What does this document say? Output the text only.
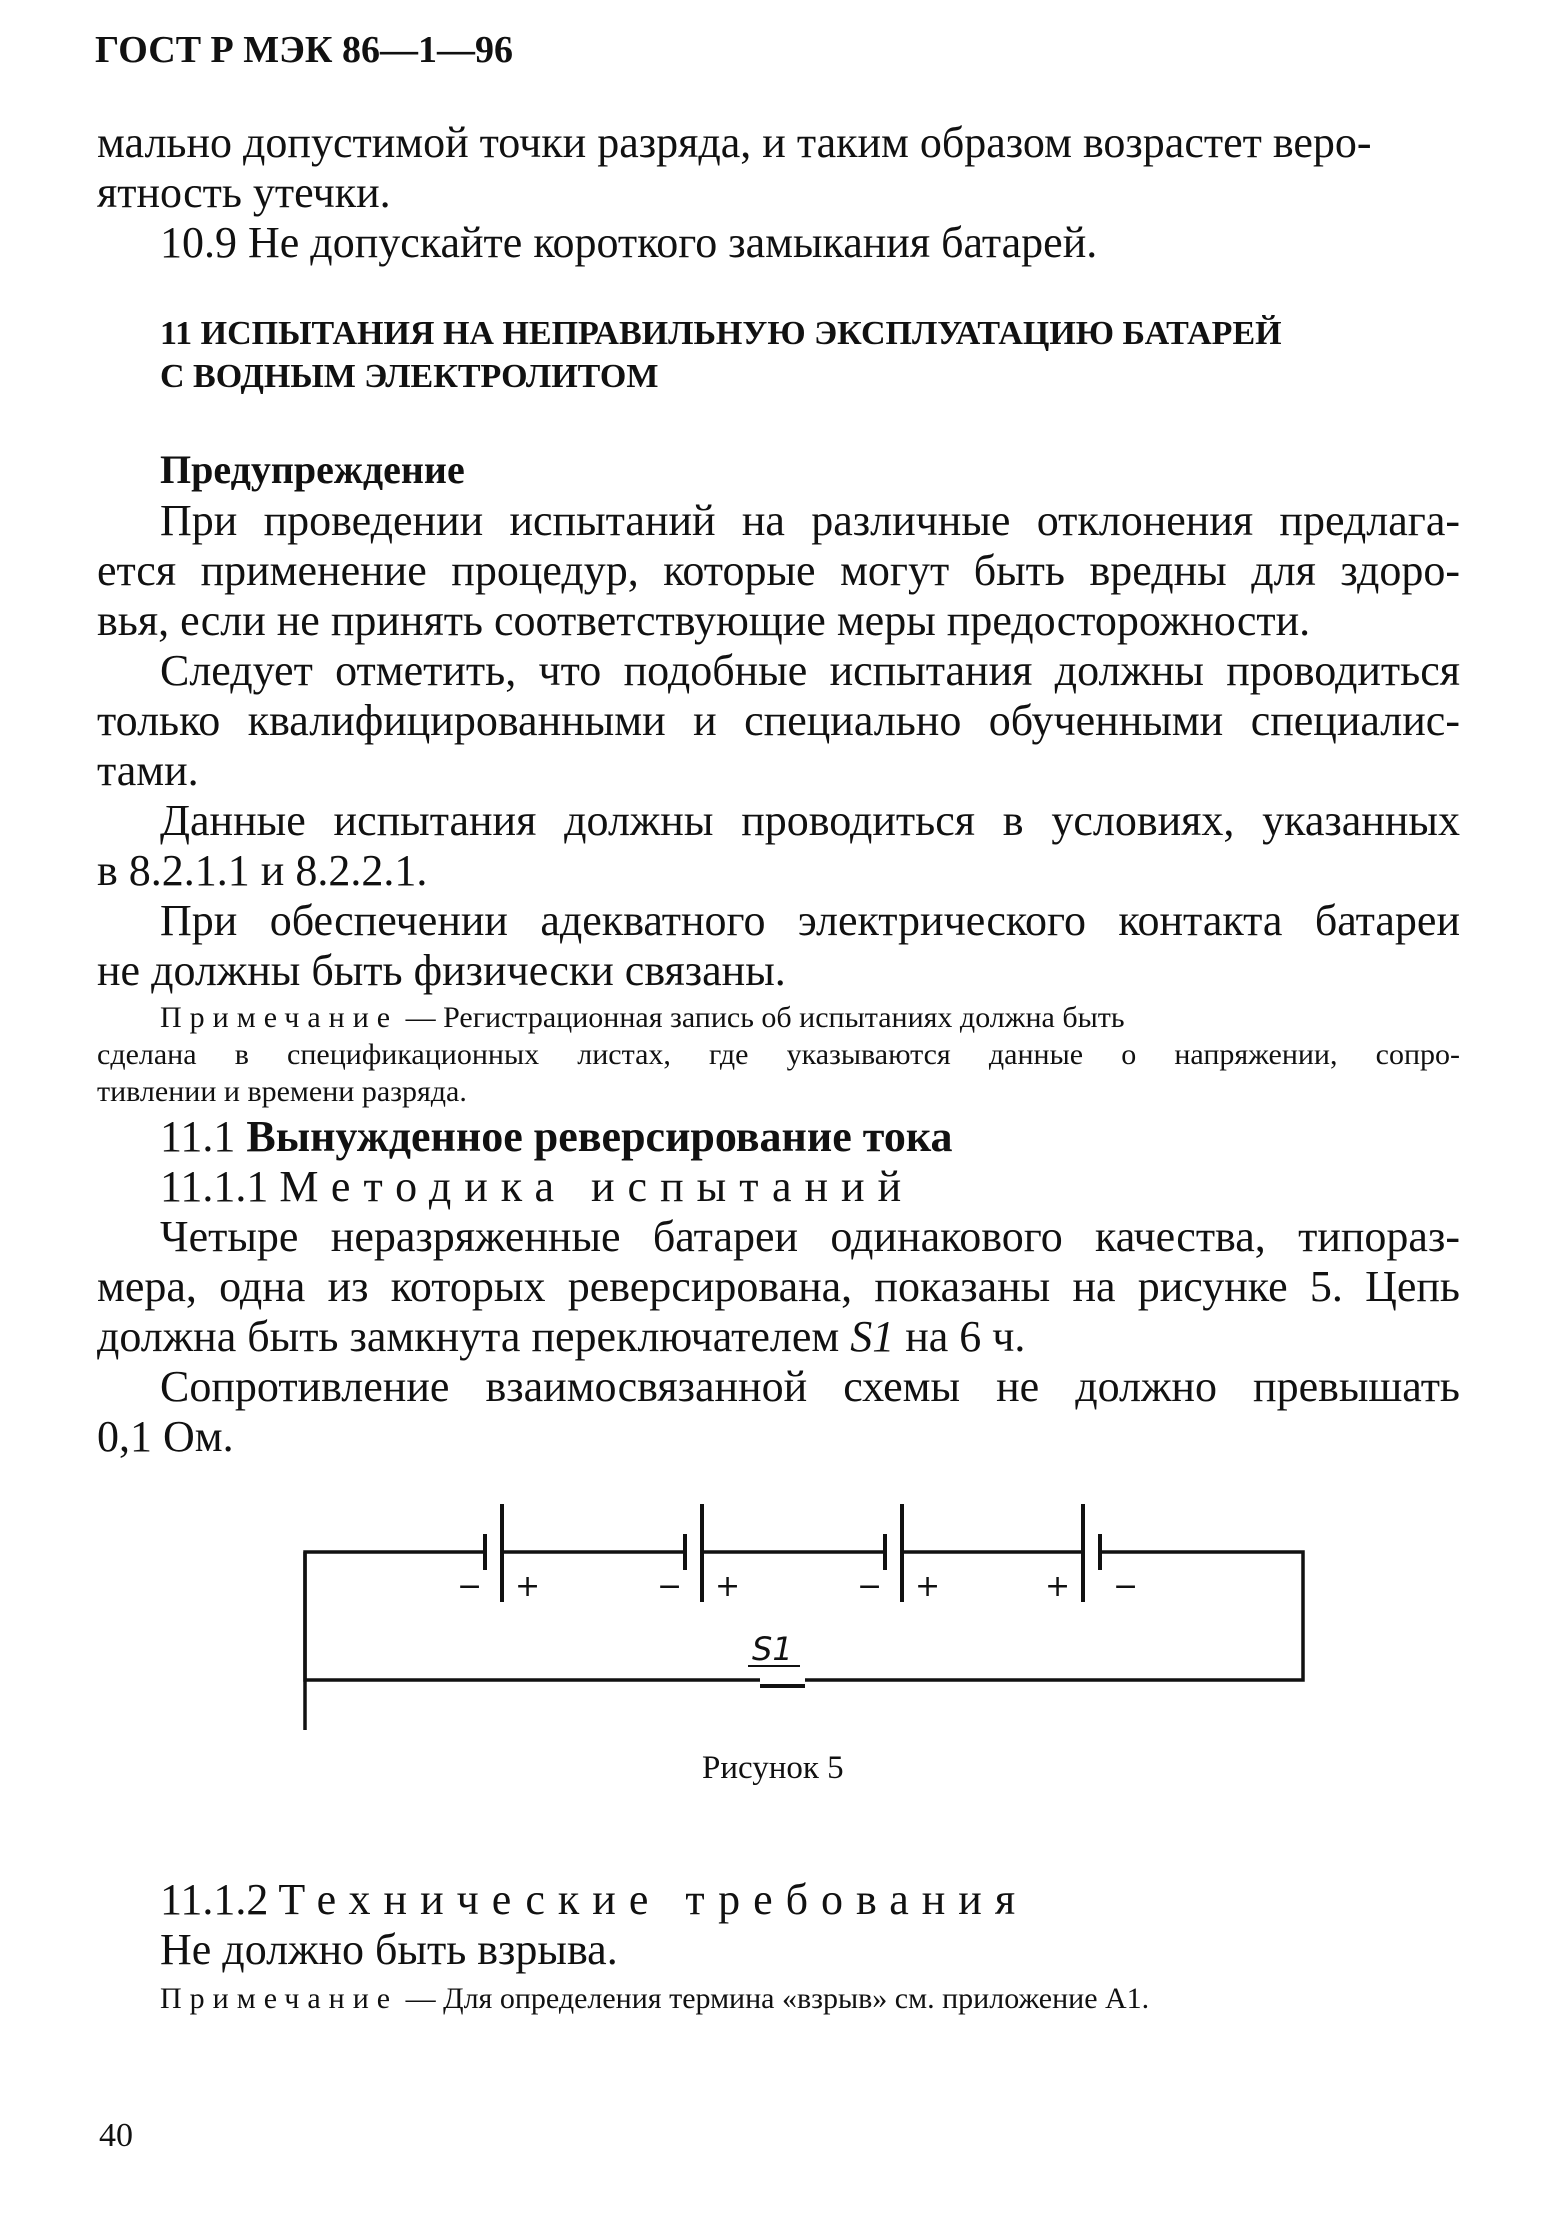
ГОСТ Р МЭК 86—1—96
мально допустимой точки разряда, и таким образом возрастет веро-
ятность утечки.
10.9 Не допускайте короткого замыкания батарей.
11 ИСПЫТАНИЯ НА НЕПРАВИЛЬНУЮ ЭКСПЛУАТАЦИЮ БАТАРЕЙ
С ВОДНЫМ ЭЛЕКТРОЛИТОМ
Предупреждение
При проведении испытаний на различные отклонения предлага-
ется применение процедур, которые могут быть вредны для здоро-
вья, если не принять соответствующие меры предосторожности.
Следует отметить, что подобные испытания должны проводиться
только квалифицированными и специально обученными специалис-
тами.
Данные испытания должны проводиться в условиях, указанных
в 8.2.1.1 и 8.2.2.1.
При обеспечении адекватного электрического контакта батареи
не должны быть физически связаны.
Примечание — Регистрационная запись об испытаниях должна быть
сделана в спецификационных листах, где указываются данные о напряжении, сопро-
тивлении и времени разряда.
11.1 Вынужденное реверсирование тока
11.1.1 Методика испытаний
Четыре неразряженные батареи одинакового качества, типораз-
мера, одна из которых реверсирована, показаны на рисунке 5. Цепь
должна быть замкнута переключателем S1 на 6 ч.
Сопротивление взаимосвязанной схемы не должно превышать
0,1 Ом.
− +	− +	− +	+ −
S1
Рисунок 5
11.1.2 Технические требования
Не должно быть взрыва.
Примечание — Для определения термина «взрыв» см. приложение А1.
40
